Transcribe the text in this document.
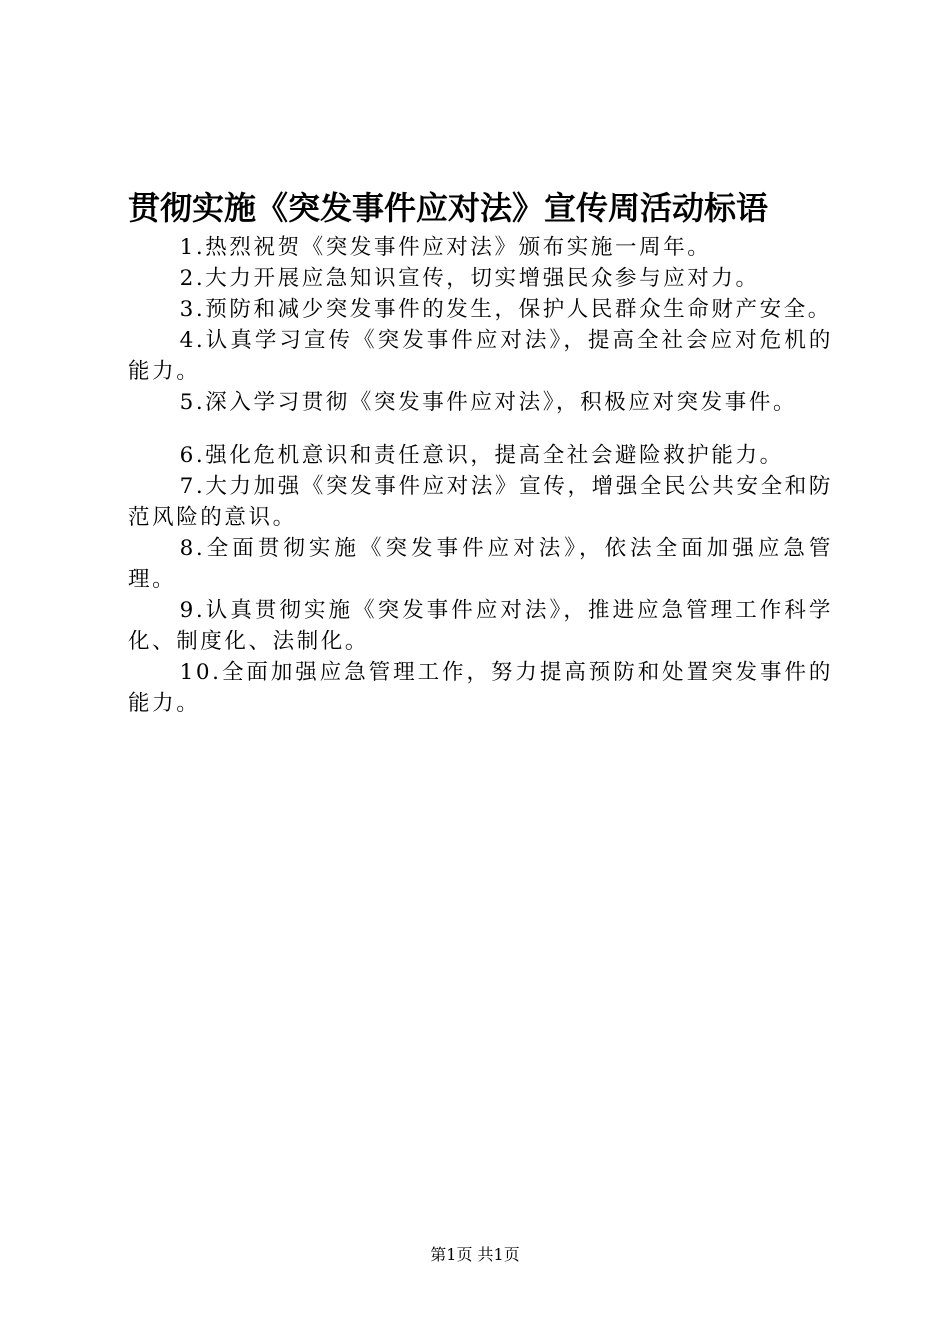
贯彻实施《突发事件应对法》宣传周活动标语
1.热烈祝贺《突发事件应对法》颁布实施一周年。
2.大力开展应急知识宣传，切实增强民众参与应对力。
3.预防和减少突发事件的发生，保护人民群众生命财产安全。
4.认真学习宣传《突发事件应对法》，提高全社会应对危机的能力。
5.深入学习贯彻《突发事件应对法》，积极应对突发事件。
6.强化危机意识和责任意识，提高全社会避险救护能力。
7.大力加强《突发事件应对法》宣传，增强全民公共安全和防范风险的意识。
8.全面贯彻实施《突发事件应对法》，依法全面加强应急管理。
9.认真贯彻实施《突发事件应对法》，推进应急管理工作科学化、制度化、法制化。
10.全面加强应急管理工作，努力提高预防和处置突发事件的能力。
第1页 共1页
